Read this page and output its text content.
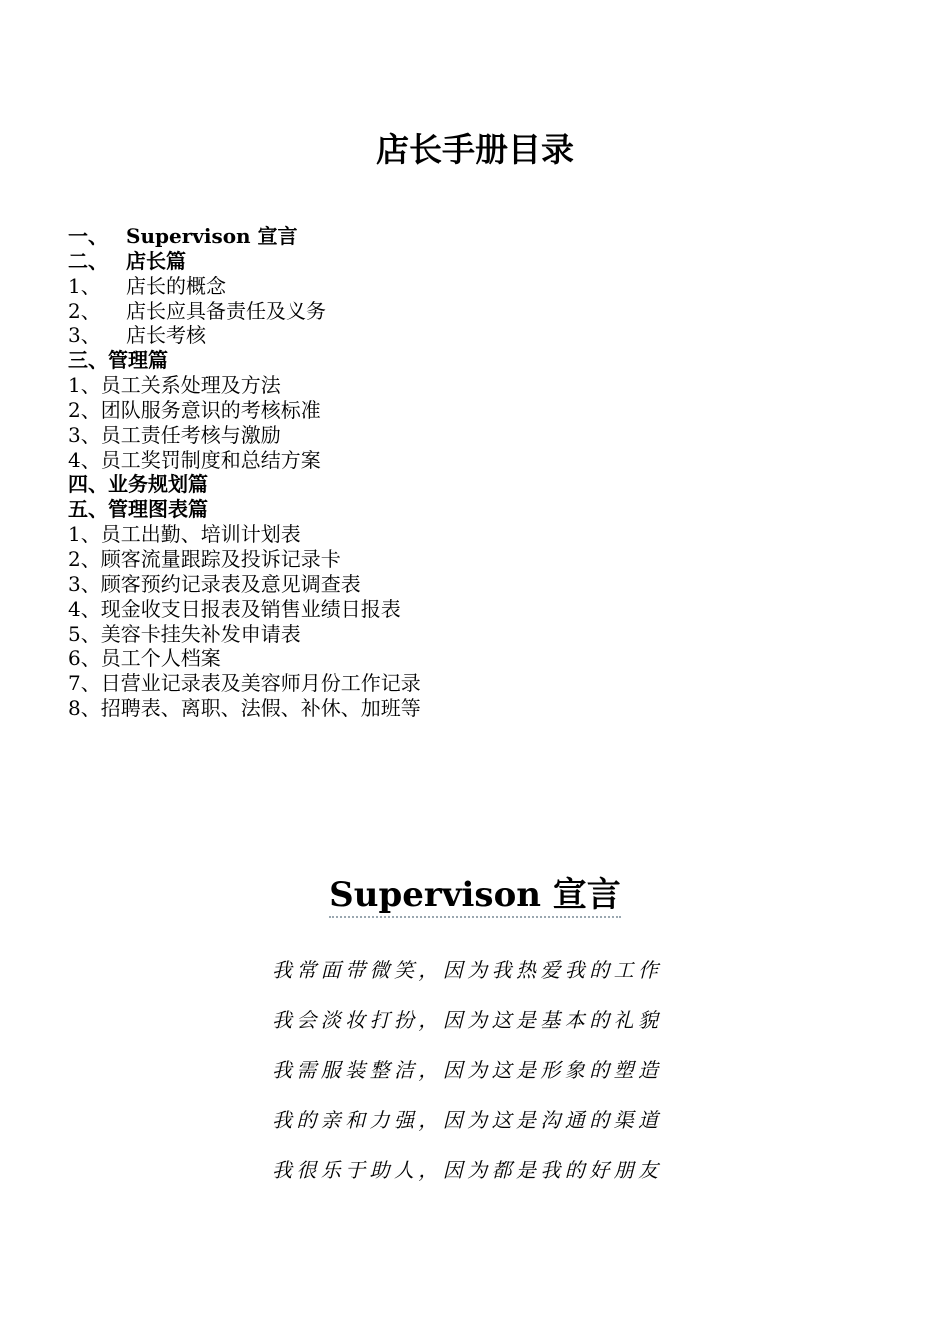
店长手册目录
一、 Supervison 宣言
二、 店长篇
1、	店长的概念
2、	店长应具备责任及义务
3、	店长考核
三、 管理篇
1、 员工关系处理及方法
2、 团队服务意识的考核标准
3、 员工责任考核与激励
4、 员工奖罚制度和总结方案
四、 业务规划篇
五、 管理图表篇
1、 员工出勤、培训计划表
2、 顾客流量跟踪及投诉记录卡
3、 顾客预约记录表及意见调查表
4、 现金收支日报表及销售业绩日报表
5、 美容卡挂失补发申请表
6、 员工个人档案
7、 日营业记录表及美容师月份工作记录
8、 招聘表、离职、法假、补休、加班等
Supervison 宣言
我常面带微笑，因为我热爱我的工作
我会淡妆打扮，因为这是基本的礼貌
我需服装整洁，因为这是形象的塑造
我的亲和力强，因为这是沟通的渠道
我很乐于助人，因为都是我的好朋友
